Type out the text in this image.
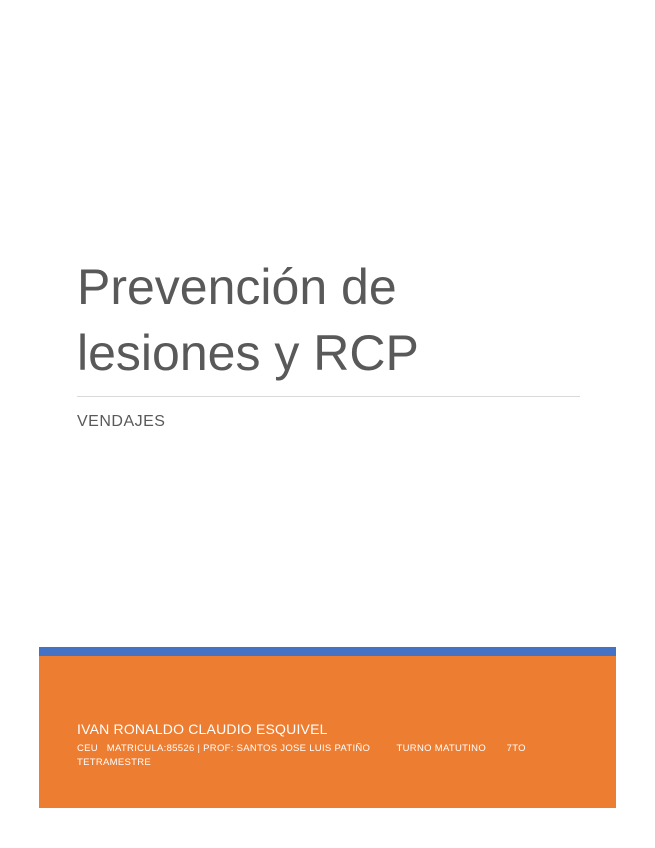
Prevención de lesiones y RCP

VENDAJES

IVAN RONALDO CLAUDIO ESQUIVEL

CEU   MATRICULA:85526 | PROF: SANTOS JOSE LUIS PATIÑO         TURNO MATUTINO       7TO TETRAMESTRE
